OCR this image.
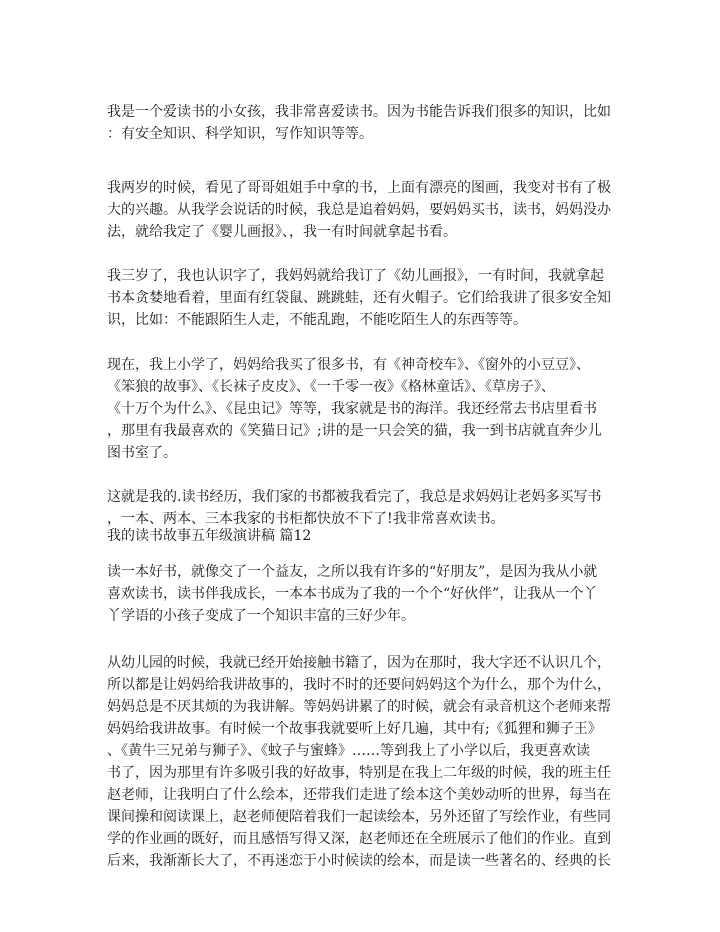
我是一个爱读书的小女孩，我非常喜爱读书。因为书能告诉我们很多的知识，比如
：有安全知识、科学知识，写作知识等等。
我两岁的时候，看见了哥哥姐姐手中拿的书，上面有漂亮的图画，我变对书有了极
大的兴趣。从我学会说话的时候，我总是追着妈妈，要妈妈买书，读书，妈妈没办
法，就给我定了《婴儿画报》、，我一有时间就拿起书看。
我三岁了，我也认识字了，我妈妈就给我订了《幼儿画报》，一有时间，我就拿起
书本贪婪地看着，里面有红袋鼠、跳跳蛙，还有火帽子。它们给我讲了很多安全知
识，比如：不能跟陌生人走，不能乱跑，不能吃陌生人的东西等等。
现在，我上小学了，妈妈给我买了很多书，有《神奇校车》、《窗外的小豆豆》、
《笨狼的故事》、《长袜子皮皮》、《一千零一夜》《格林童话》、《草房子》、
《十万个为什么》、《昆虫记》等等，我家就是书的海洋。我还经常去书店里看书
，那里有我最喜欢的《笑猫日记》;讲的是一只会笑的猫，我一到书店就直奔少儿
图书室了。
这就是我的.读书经历，我们家的书都被我看完了，我总是求妈妈让老妈多买写书
，一本、两本、三本我家的书柜都快放不下了!我非常喜欢读书。
我的读书故事五年级演讲稿 篇12
读一本好书，就像交了一个益友，之所以我有许多的“好朋友”，是因为我从小就
喜欢读书，读书伴我成长，一本本书成为了我的一个个“好伙伴”，让我从一个丫
丫学语的小孩子变成了一个知识丰富的三好少年。
从幼儿园的时候，我就已经开始接触书籍了，因为在那时，我大字还不认识几个，
所以都是让妈妈给我讲故事的，我时不时的还要问妈妈这个为什么，那个为什么，
妈妈总是不厌其烦的为我讲解。等妈妈讲累了的时候，就会有录音机这个老师来帮
妈妈给我讲故事。有时候一个故事我就要听上好几遍，其中有;《狐狸和狮子王》
、《黄牛三兄弟与狮子》、《蚊子与蜜蜂》……等到我上了小学以后，我更喜欢读
书了，因为那里有许多吸引我的好故事，特别是在我上二年级的时候，我的班主任
赵老师，让我明白了什么绘本，还带我们走进了绘本这个美妙动听的世界，每当在
课间操和阅读课上，赵老师便陪着我们一起读绘本，另外还留了写绘作业，有些同
学的作业画的既好，而且感悟写得又深，赵老师还在全班展示了他们的作业。直到
后来，我渐渐长大了，不再迷恋于小时候读的绘本，而是读一些著名的、经典的长
